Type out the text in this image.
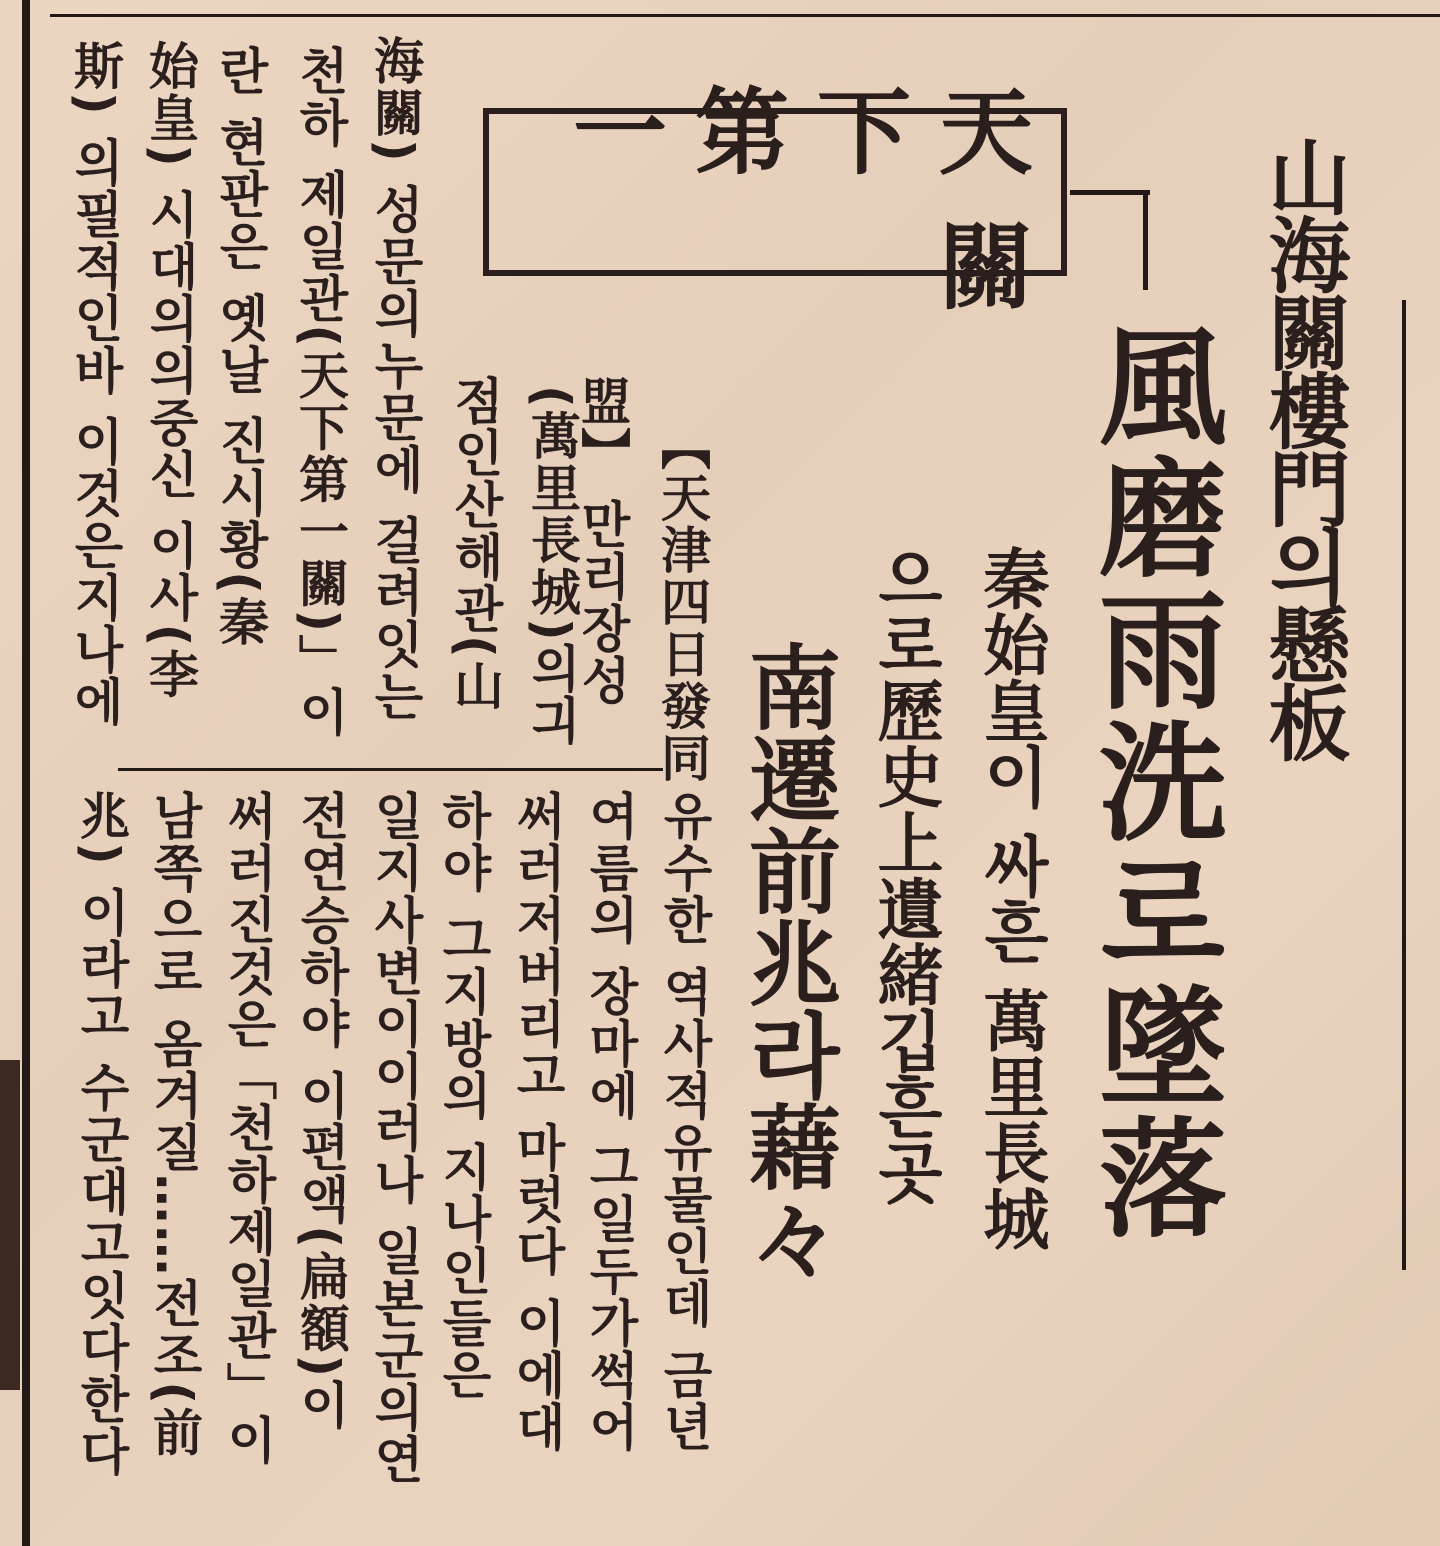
山海關樓門의懸板
風磨雨洗로墜落
秦始皇이 싸흔 萬里長城
으로歷史上遺緒깁흔곳
南遷前兆라藉々
天下第一關
【天津四日發同
盟】 만리장성
(萬里長城)의긔
점인산해관(山
海關) 성문의누문에 걸려잇는
천하 제일관(天下第一關)」이
란 현판은 옛날 진시황(秦
始皇) 시대의의중신 이사(李
斯) 의필적인바 이것은지나에
유수한 역사적유물인데 금년
여름의 장마에 그일두가썩어
써러저버리고 마럿다 이에대
하야 그지방의 지나인들은
일지사변이이러나 일본군의연
전연승하야 이편액(扁額)이
써러진것은「천하제일관」이
남쪽으로 옴겨질……전조(前
兆) 이라고 수군대고잇다한다
